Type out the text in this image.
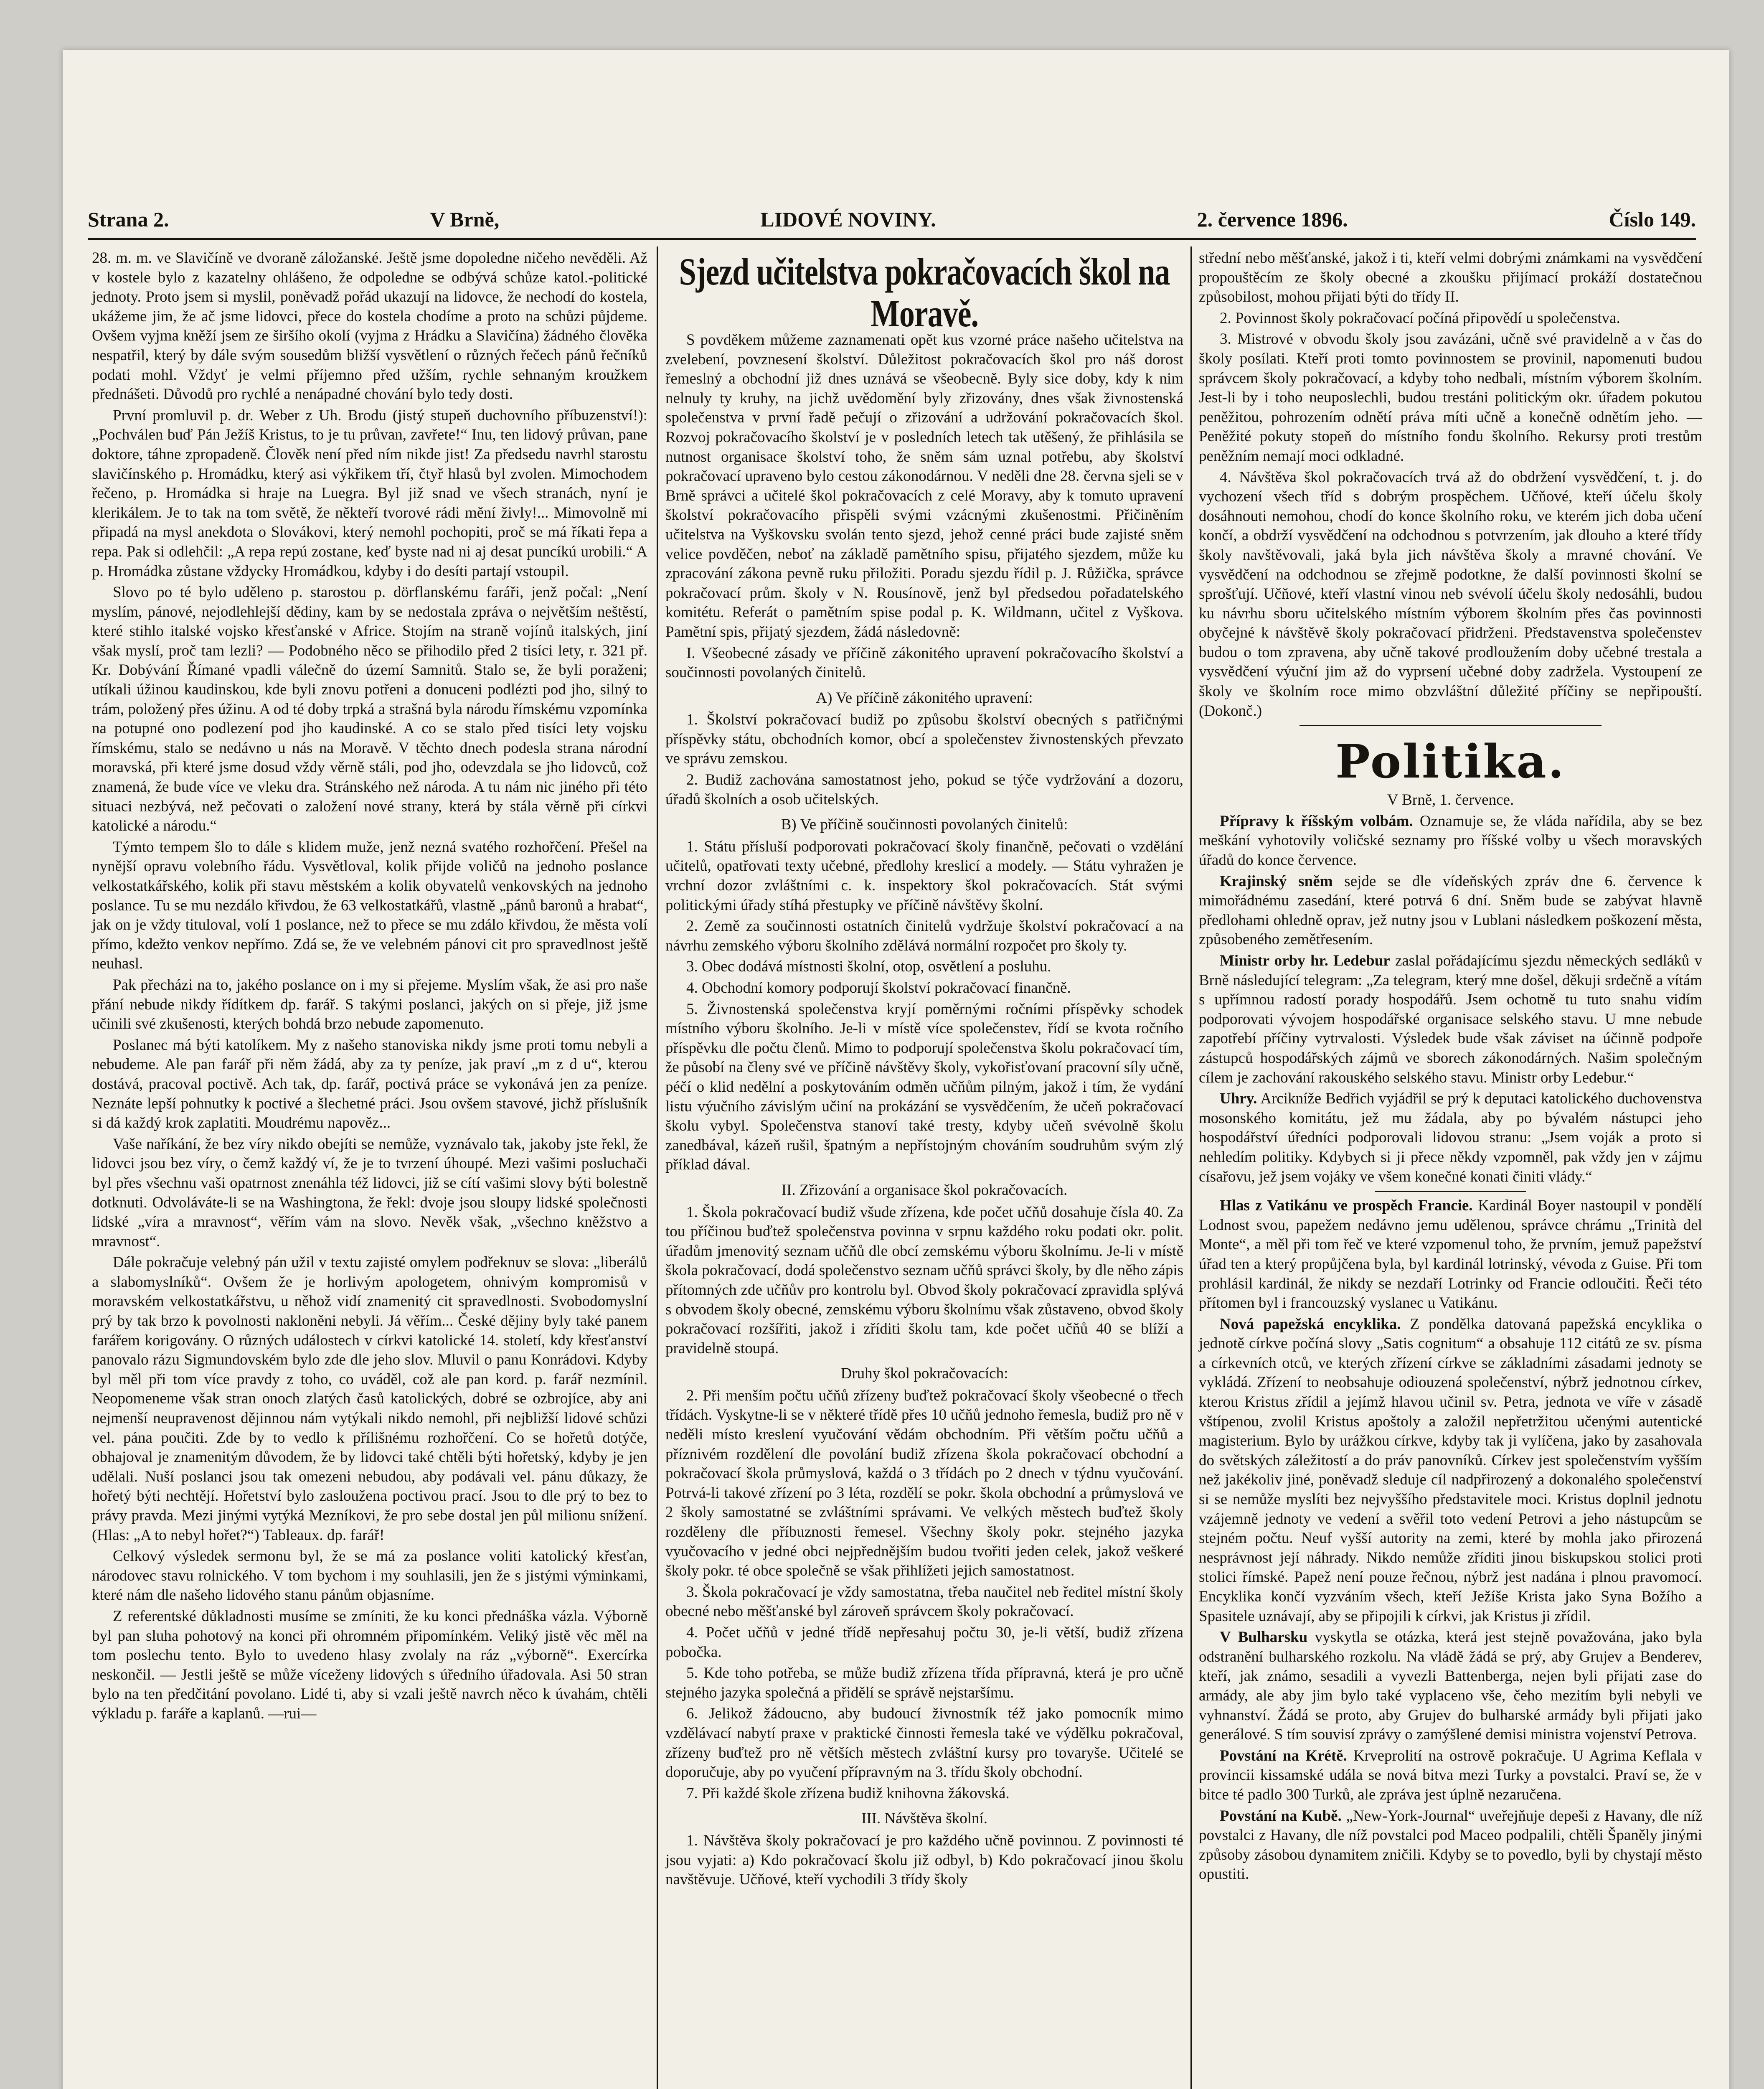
Strana 2.	V Brně,	LIDOVÉ NOVINY.	2. července 1896.	Číslo 149.

28. m. m. ve Slavičíně ve dvoraně záložanské. Ještě jsme dopoledne ničeho nevěděli. Až v kostele bylo z kazatelny ohlášeno, že odpoledne se odbývá schůze katol.-politické jednoty. Proto jsem si myslil, poněvadž pořád ukazují na lidovce, že nechodí do kostela, ukážeme jim, že ač jsme lidovci, přece do kostela chodíme a proto na schůzi půjdeme. Ovšem vyjma kněží jsem ze širšího okolí (vyjma z Hrádku a Slavičína) žádného člověka nespatřil, který by dále svým sousedům bližší vysvětlení o různých řečech pánů řečníků podati mohl. Vždyť je velmi příjemno před užším, rychle sehnaným kroužkem přednášeti. Důvodů pro rychlé a nenápadné chování bylo tedy dosti.

První promluvil p. dr. Weber z Uh. Brodu (jistý stupeň duchovního příbuzenství!): „Pochválen buď Pán Ježíš Kristus, to je tu průvan, zavřete!“ Inu, ten lidový průvan, pane doktore, táhne zpropadeně. Člověk není před ním nikde jist! Za předsedu navrhl starostu slavičínského p. Hromádku, který asi výkřikem tří, čtyř hlasů byl zvolen. Mimochodem řečeno, p. Hromádka si hraje na Luegra. Byl již snad ve všech stranách, nyní je klerikálem. Je to tak na tom světě, že někteří tvorové rádi mění živly!... Mimovolně mi připadá na mysl anekdota o Slovákovi, který nemohl pochopiti, proč se má říkati řepa a repa. Pak si odlehčil: „A repa repú zostane, keď byste nad ni aj desat puncíkú urobili.“ A p. Hromádka zůstane vždycky Hromádkou, kdyby i do desíti partají vstoupil.

Slovo po té bylo uděleno p. starostou p. dörflanskému faráři, jenž počal: „Není myslím, pánové, nejodlehlejší dědiny, kam by se nedostala zpráva o největším neštěstí, které stihlo italské vojsko křesťanské v Africe. Stojím na straně vojínů italských, jiní však myslí, proč tam lezli? — Podobného něco se přihodilo před 2 tisíci lety, r. 321 př. Kr. Dobývání Římané vpadli válečně do území Samnitů. Stalo se, že byli poraženi; utíkali úžinou kaudinskou, kde byli znovu potřeni a donuceni podlézti pod jho, silný to trám, položený přes úžinu. A od té doby trpká a strašná byla národu římskému vzpomínka na potupné ono podlezení pod jho kaudinské. A co se stalo před tisíci lety vojsku římskému, stalo se nedávno u nás na Moravě. V těchto dnech podesla strana národní moravská, při které jsme dosud vždy věrně stáli, pod jho, odevzdala se jho lidovců, což znamená, že bude více ve vleku dra. Stránského než národa. A tu nám nic jiného při této situaci nezbývá, než pečovati o založení nové strany, která by stála věrně při církvi katolické a národu.“

Týmto tempem šlo to dále s klidem muže, jenž nezná svatého rozhořčení. Přešel na nynější opravu volebního řádu. Vysvětloval, kolik přijde voličů na jednoho poslance velkostatkářského, kolik při stavu městském a kolik obyvatelů venkovských na jednoho poslance. Tu se mu nezdálo křivdou, že 63 velkostatkářů, vlastně „pánů baronů a hrabat“, jak on je vždy tituloval, volí 1 poslance, než to přece se mu zdálo křivdou, že města volí přímo, kdežto venkov nepřímo. Zdá se, že ve velebném pánovi cit pro spravedlnost ještě neuhasl.

Pak přecházi na to, jakého poslance on i my si přejeme. Myslím však, že asi pro naše přání nebude nikdy řídítkem dp. farář. S takými poslanci, jakých on si přeje, již jsme učinili své zkušenosti, kterých bohdá brzo nebude zapomenuto.

Poslanec má býti katolíkem. My z našeho stanoviska nikdy jsme proti tomu nebyli a nebudeme. Ale pan farář při něm žádá, aby za ty peníze, jak praví „m z d u“, kterou dostává, pracoval poctivě. Ach tak, dp. farář, poctivá práce se vykonává jen za peníze. Neznáte lepší pohnutky k poctivé a šlechetné práci. Jsou ovšem stavové, jichž příslušník si dá každý krok zaplatiti. Moudrému napověz...

Vaše naříkání, že bez víry nikdo obejíti se nemůže, vyznávalo tak, jakoby jste řekl, že lidovci jsou bez víry, o čemž každý ví, že je to tvrzení úhoupé. Mezi vašimi posluchači byl přes všechnu vaši opatrnost znenáhla též lidovci, již se cítí vašimi slovy býti bolestně dotknuti. Odvoláváte-li se na Washingtona, že řekl: dvoje jsou sloupy lidské společnosti lidské „víra a mravnost“, věřím vám na slovo. Nevěk však, „všechno kněžstvo a mravnost“.

Dále pokračuje velebný pán užil v textu zajisté omylem podřeknuv se slova: „liberálů a slabomyslníků“. Ovšem že je horlivým apologetem, ohnivým kompromisů v moravském velkostatkářstvu, u něhož vidí znamenitý cit spravedlnosti. Svobodomyslní prý by tak brzo k povolnosti nakloněni nebyli. Já věřím... České dějiny byly také panem farářem korigovány. O různých událostech v církvi katolické 14. století, kdy křesťanství panovalo rázu Sigmundovském bylo zde dle jeho slov. Mluvil o panu Konrádovi. Kdyby byl měl při tom více pravdy z toho, co uváděl, což ale pan kord. p. farář nezmínil. Neopomeneme však stran onoch zlatých časů katolických, dobré se ozbrojíce, aby ani nejmenší neupravenost dějinnou nám vytýkali nikdo nemohl, při nejbližší lidové schůzi vel. pána poučiti. Zde by to vedlo k přílišnému rozhořčení. Co se hořetů dotýče, obhajoval je znamenitým důvodem, že by lidovci také chtěli býti hořetský, kdyby je jen udělali. Nuší poslanci jsou tak omezeni nebudou, aby podávali vel. pánu důkazy, že hořetý býti nechtějí. Hořetství bylo zasloužena poctivou prací. Jsou to dle prý to bez to právy pravda. Mezi jinými vytýká Mezníkovi, že pro sebe dostal jen půl milionu snížení. (Hlas: „A to nebyl hořet?“) Tableaux. dp. farář!

Celkový výsledek sermonu byl, že se má za poslance voliti katolický křesťan, národovec stavu rolnického. V tom bychom i my souhlasili, jen že s jistými výminkami, které nám dle našeho lidového stanu pánům objasníme.

Z referentské důkladnosti musíme se zmíniti, že ku konci přednáška vázla. Výborně byl pan sluha pohotový na konci při ohromném připomínkém. Veliký jistě věc měl na tom poslechu tento. Bylo to uvedeno hlasy zvolaly na ráz „výborně“. Exercírka neskončil. — Jestli ještě se může víceženy lidových s úředního úřadovala. Asi 50 stran bylo na ten předčitání povolano. Lidé ti, aby si vzali ještě navrch něco k úvahám, chtěli výkladu p. faráře a kaplanů. —rui—

Sjezd učitelstva pokračovacích škol na Moravě.

S povděkem můžeme zaznamenati opět kus vzorné práce našeho učitelstva na zvelebení, povznesení školství. Důležitost pokračovacích škol pro náš dorost řemeslný a obchodní již dnes uznává se všeobecně. Byly sice doby, kdy k nim nelnuly ty kruhy, na jichž uvědomění byly zřizovány, dnes však živnostenská společenstva v první řadě pečují o zřizování a udržování pokračovacích škol. Rozvoj pokračovacího školství je v posledních letech tak utěšený, že přihlásila se nutnost organisace školství toho, že sněm sám uznal potřebu, aby školství pokračovací upraveno bylo cestou zákonodárnou. V neděli dne 28. června sjeli se v Brně správci a učitelé škol pokračovacích z celé Moravy, aby k tomuto upravení školství pokračovacího přispěli svými vzácnými zkušenostmi. Přičiněním učitelstva na Vyškovsku svolán tento sjezd, jehož cenné práci bude zajisté sněm velice povděčen, neboť na základě pamětního spisu, přijatého sjezdem, může ku zpracování zákona pevně ruku přiložiti. Poradu sjezdu řídil p. J. Růžička, správce pokračovací prům. školy v N. Rousínově, jenž byl předsedou pořadatelského komitétu. Referát o pamětním spise podal p. K. Wildmann, učitel z Vyškova. Pamětní spis, přijatý sjezdem, žádá následovně:

I. Všeobecné zásady ve příčině zákonitého upravení pokračovacího školství a součinnosti povolaných činitelů.

A) Ve příčině zákonitého upravení:

1. Školství pokračovací budiž po způsobu školství obecných s patřičnými příspěvky státu, obchodních komor, obcí a společenstev živnostenských převzato ve správu zemskou.

2. Budiž zachována samostatnost jeho, pokud se týče vydržování a dozoru, úřadů školních a osob učitelských.

B) Ve příčině součinnosti povolaných činitelů:

1. Státu přísluší podporovati pokračovací školy finančně, pečovati o vzdělání učitelů, opatřovati texty učebné, předlohy kreslicí a modely. — Státu vyhražen je vrchní dozor zvláštními c. k. inspektory škol pokračovacích. Stát svými politickými úřady stíhá přestupky ve příčině návštěvy školní.

2. Země za součinnosti ostatních činitelů vydržuje školství pokračovací a na návrhu zemského výboru školního zdělává normální rozpočet pro školy ty.

3. Obec dodává místnosti školní, otop, osvětlení a posluhu.

4. Obchodní komory podporují školství pokračovací finančně.

5. Živnostenská společenstva kryjí poměrnými ročními příspěvky schodek místního výboru školního. Je-li v místě více společenstev, řídí se kvota ročního příspěvku dle počtu členů. Mimo to podporují společenstva školu pokračovací tím, že působí na členy své ve příčině návštěvy školy, vykořisťovaní pracovní síly učně, péčí o klid nedělní a poskytováním odměn učňům pilným, jakož i tím, že vydání listu výučního závislým učiní na prokázání se vysvědčením, že učeň pokračovací školu vybyl. Společenstva stanoví také tresty, kdyby učeň svévolně školu zanedbával, kázeň rušil, špatným a nepřístojným chováním soudruhům svým zlý příklad dával.

II. Zřizování a organisace škol pokračovacích.

1. Škola pokračovací budiž všude zřízena, kde počet učňů dosahuje čísla 40. Za tou příčinou buďtež společenstva povinna v srpnu každého roku podati okr. polit. úřadům jmenovitý seznam učňů dle obcí zemskému výboru školnímu. Je-li v místě škola pokračovací, dodá společenstvo seznam učňů správci školy, by dle něho zápis přítomných zde učňův pro kontrolu byl. Obvod školy pokračovací zpravidla splývá s obvodem školy obecné, zemskému výboru školnímu však zůstaveno, obvod školy pokračovací rozšířiti, jakož i zříditi školu tam, kde počet učňů 40 se blíží a pravidelně stoupá.

Druhy škol pokračovacích:

2. Při menším počtu učňů zřízeny buďtež pokračovací školy všeobecné o třech třídách. Vyskytne-li se v některé třídě přes 10 učňů jednoho řemesla, budiž pro ně v neděli místo kreslení vyučování vědám obchodním. Při větším počtu učňů a příznivém rozdělení dle povolání budiž zřízena škola pokračovací obchodní a pokračovací škola průmyslová, každá o 3 třídách po 2 dnech v týdnu vyučování. Potrvá-li takové zřízení po 3 léta, rozdělí se pokr. škola obchodní a průmyslová ve 2 školy samostatné se zvláštními správami. Ve velkých městech buďtež školy rozděleny dle příbuznosti řemesel. Všechny školy pokr. stejného jazyka vyučovacího v jedné obci nejpřednějším budou tvořiti jeden celek, jakož veškeré školy pokr. té obce společně se však přihlížeti jejich samostatnost.

3. Škola pokračovací je vždy samostatna, třeba naučitel neb ředitel místní školy obecné nebo měšťanské byl zároveň správcem školy pokračovací.

4. Počet učňů v jedné třídě nepřesahuj počtu 30, je-li větší, budiž zřízena pobočka.

5. Kde toho potřeba, se může budiž zřízena třída přípravná, která je pro učně stejného jazyka společná a přidělí se správě nejstaršímu.

6. Jelikož žádoucno, aby budoucí živnostník též jako pomocník mimo vzdělávací nabytí praxe v praktické činnosti řemesla také ve výdělku pokračoval, zřízeny buďtež pro ně větších městech zvláštní kursy pro tovaryše. Učitelé se doporučuje, aby po vyučení přípravným na 3. třídu školy obchodní.

7. Při každé škole zřízena budiž knihovna žákovská.

III. Návštěva školní.

1. Návštěva školy pokračovací je pro každého učně povinnou. Z povinnosti té jsou vyjati: a) Kdo pokračovací školu již odbyl, b) Kdo pokračovací jinou školu navštěvuje. Učňové, kteří vychodili 3 třídy školy

střední nebo měšťanské, jakož i ti, kteří velmi dobrými známkami na vysvědčení propouštěcím ze školy obecné a zkoušku přijímací prokáží dostatečnou způsobilost, mohou přijati býti do třídy II.

2. Povinnost školy pokračovací počíná připovědí u společenstva.

3. Mistrové v obvodu školy jsou zavázáni, učně své pravidelně a v čas do školy posílati. Kteří proti tomto povinnostem se provinil, napomenuti budou správcem školy pokračovací, a kdyby toho nedbali, místním výborem školním. Jest-li by i toho neuposlechli, budou trestáni politickým okr. úřadem pokutou peněžitou, pohrozením odnětí práva míti učně a konečně odnětím jeho. — Peněžité pokuty stopeň do místního fondu školního. Rekursy proti trestům peněžním nemají moci odkladné.

4. Návštěva škol pokračovacích trvá až do obdržení vysvědčení, t. j. do vychození všech tříd s dobrým prospěchem. Učňové, kteří účelu školy dosáhnouti nemohou, chodí do konce školního roku, ve kterém jich doba učení končí, a obdrží vysvědčení na odchodnou s potvrzením, jak dlouho a které třídy školy navštěvovali, jaká byla jich návštěva školy a mravné chování. Ve vysvědčení na odchodnou se zřejmě podotkne, že další povinnosti školní se sprošťují. Učňové, kteří vlastní vinou neb svévolí účelu školy nedosáhli, budou ku návrhu sboru učitelského místním výborem školním přes čas povinnosti obyčejné k návštěvě školy pokračovací přidrženi. Představenstva společenstev budou o tom zpravena, aby učně takové prodloužením doby učebné trestala a vysvědčení výuční jim až do vyprsení učebné doby zadržela. Vystoupení ze školy ve školním roce mimo obzvláštní důležité příčiny se nepřipouští. (Dokonč.)

Politika.

V Brně, 1. července.

Přípravy k říšským volbám. Oznamuje se, že vláda nařídila, aby se bez meškání vyhotovily voličské seznamy pro říšské volby u všech moravských úřadů do konce července.

Krajinský sněm sejde se dle vídeňských zpráv dne 6. července k mimořádnému zasedání, které potrvá 6 dní. Sněm bude se zabývat hlavně předlohami ohledně oprav, jež nutny jsou v Lublani následkem poškození města, způsobeného zemětřesením.

Ministr orby hr. Ledebur zaslal pořádajícímu sjezdu německých sedláků v Brně následující telegram: „Za telegram, který mne došel, děkuji srdečně a vítám s upřímnou radostí porady hospodářů. Jsem ochotně tu tuto snahu vidím podporovati vývojem hospodářské organisace selského stavu. U mne nebude zapotřebí příčiny vytrvalosti. Výsledek bude však záviset na účinně podpoře zástupců hospodářských zájmů ve sborech zákonodárných. Našim společným cílem je zachování rakouského selského stavu. Ministr orby Ledebur.“

Uhry. Arcikníže Bedřich vyjádřil se prý k deputaci katolického duchovenstva mosonského komitátu, jež mu žádala, aby po bývalém nástupci jeho hospodářství úředníci podporovali lidovou stranu: „Jsem voják a proto si nehledím politiky. Kdybych si ji přece někdy vzpomněl, pak vždy jen v zájmu císařovu, jež jsem vojáky ve všem konečné konati činiti vlády.“

Hlas z Vatikánu ve prospěch Francie. Kardinál Boyer nastoupil v pondělí Lodnost svou, papežem nedávno jemu udělenou, správce chrámu „Trinità del Monte“, a měl při tom řeč ve které vzpomenul toho, že prvním, jemuž papežství úřad ten a který propůjčena byla, byl kardinál lotrinský, vévoda z Guise. Při tom prohlásil kardinál, že nikdy se nezdaří Lotrinky od Francie odloučiti. Řeči této přítomen byl i francouzský vyslanec u Vatikánu.

Nová papežská encyklika. Z pondělka datovaná papežská encyklika o jednotě církve počíná slovy „Satis cognitum“ a obsahuje 112 citátů ze sv. písma a církevních otců, ve kterých zřízení církve se základními zásadami jednoty se vykládá. Zřízení to neobsahuje odiouzená společenství, nýbrž jednotnou církev, kterou Kristus zřídil a jejímž hlavou učinil sv. Petra, jednota ve víře v zásadě vštípenou, zvolil Kristus apoštoly a založil nepřetržitou učenými autentické magisterium. Bylo by urážkou církve, kdyby tak ji vylíčena, jako by zasahovala do světských záležitostí a do práv panovníků. Církev jest společenstvím vyšším než jakékoliv jiné, poněvadž sleduje cíl nadpřirozený a dokonalého společenství si se nemůže myslíti bez nejvyššího představitele moci. Kristus doplnil jednotu vzájemně jednoty ve vedení a svěřil toto vedení Petrovi a jeho nástupcům se stejném počtu. Neuf vyšší autority na zemi, které by mohla jako přirozená nesprávnost její náhrady. Nikdo nemůže zříditi jinou biskupskou stolici proti stolici římské. Papež není pouze řečnou, nýbrž jest nadána i plnou pravomocí. Encyklika končí vyzváním všech, kteří Ježíše Krista jako Syna Božího a Spasitele uznávají, aby se připojili k církvi, jak Kristus ji zřídil.

V Bulharsku vyskytla se otázka, která jest stejně považována, jako byla odstranění bulharského rozkolu. Na vládě žádá se prý, aby Grujev a Benderev, kteří, jak známo, sesadili a vyvezli Battenberga, nejen byli přijati zase do armády, ale aby jim bylo také vyplaceno vše, čeho mezitím byli nebyli ve vyhnanství. Žádá se proto, aby Grujev do bulharské armády byli přijati jako generálové. S tím souvisí zprávy o zamýšlené demisi ministra vojenství Petrova.

Povstání na Krétě. Krveprolití na ostrově pokračuje. U Agrima Keflala v provincii kissamské udála se nová bitva mezi Turky a povstalci. Praví se, že v bitce té padlo 300 Turků, ale zpráva jest úplně nezaručena.

Povstání na Kubě. „New-York-Journal“ uveřejňuje depeši z Havany, dle níž povstalci z Havany, dle níž povstalci pod Maceo podpalili, chtěli Španěly jinými způsoby zásobou dynamitem zničili. Kdyby se to povedlo, byli by chystají město opustiti.
